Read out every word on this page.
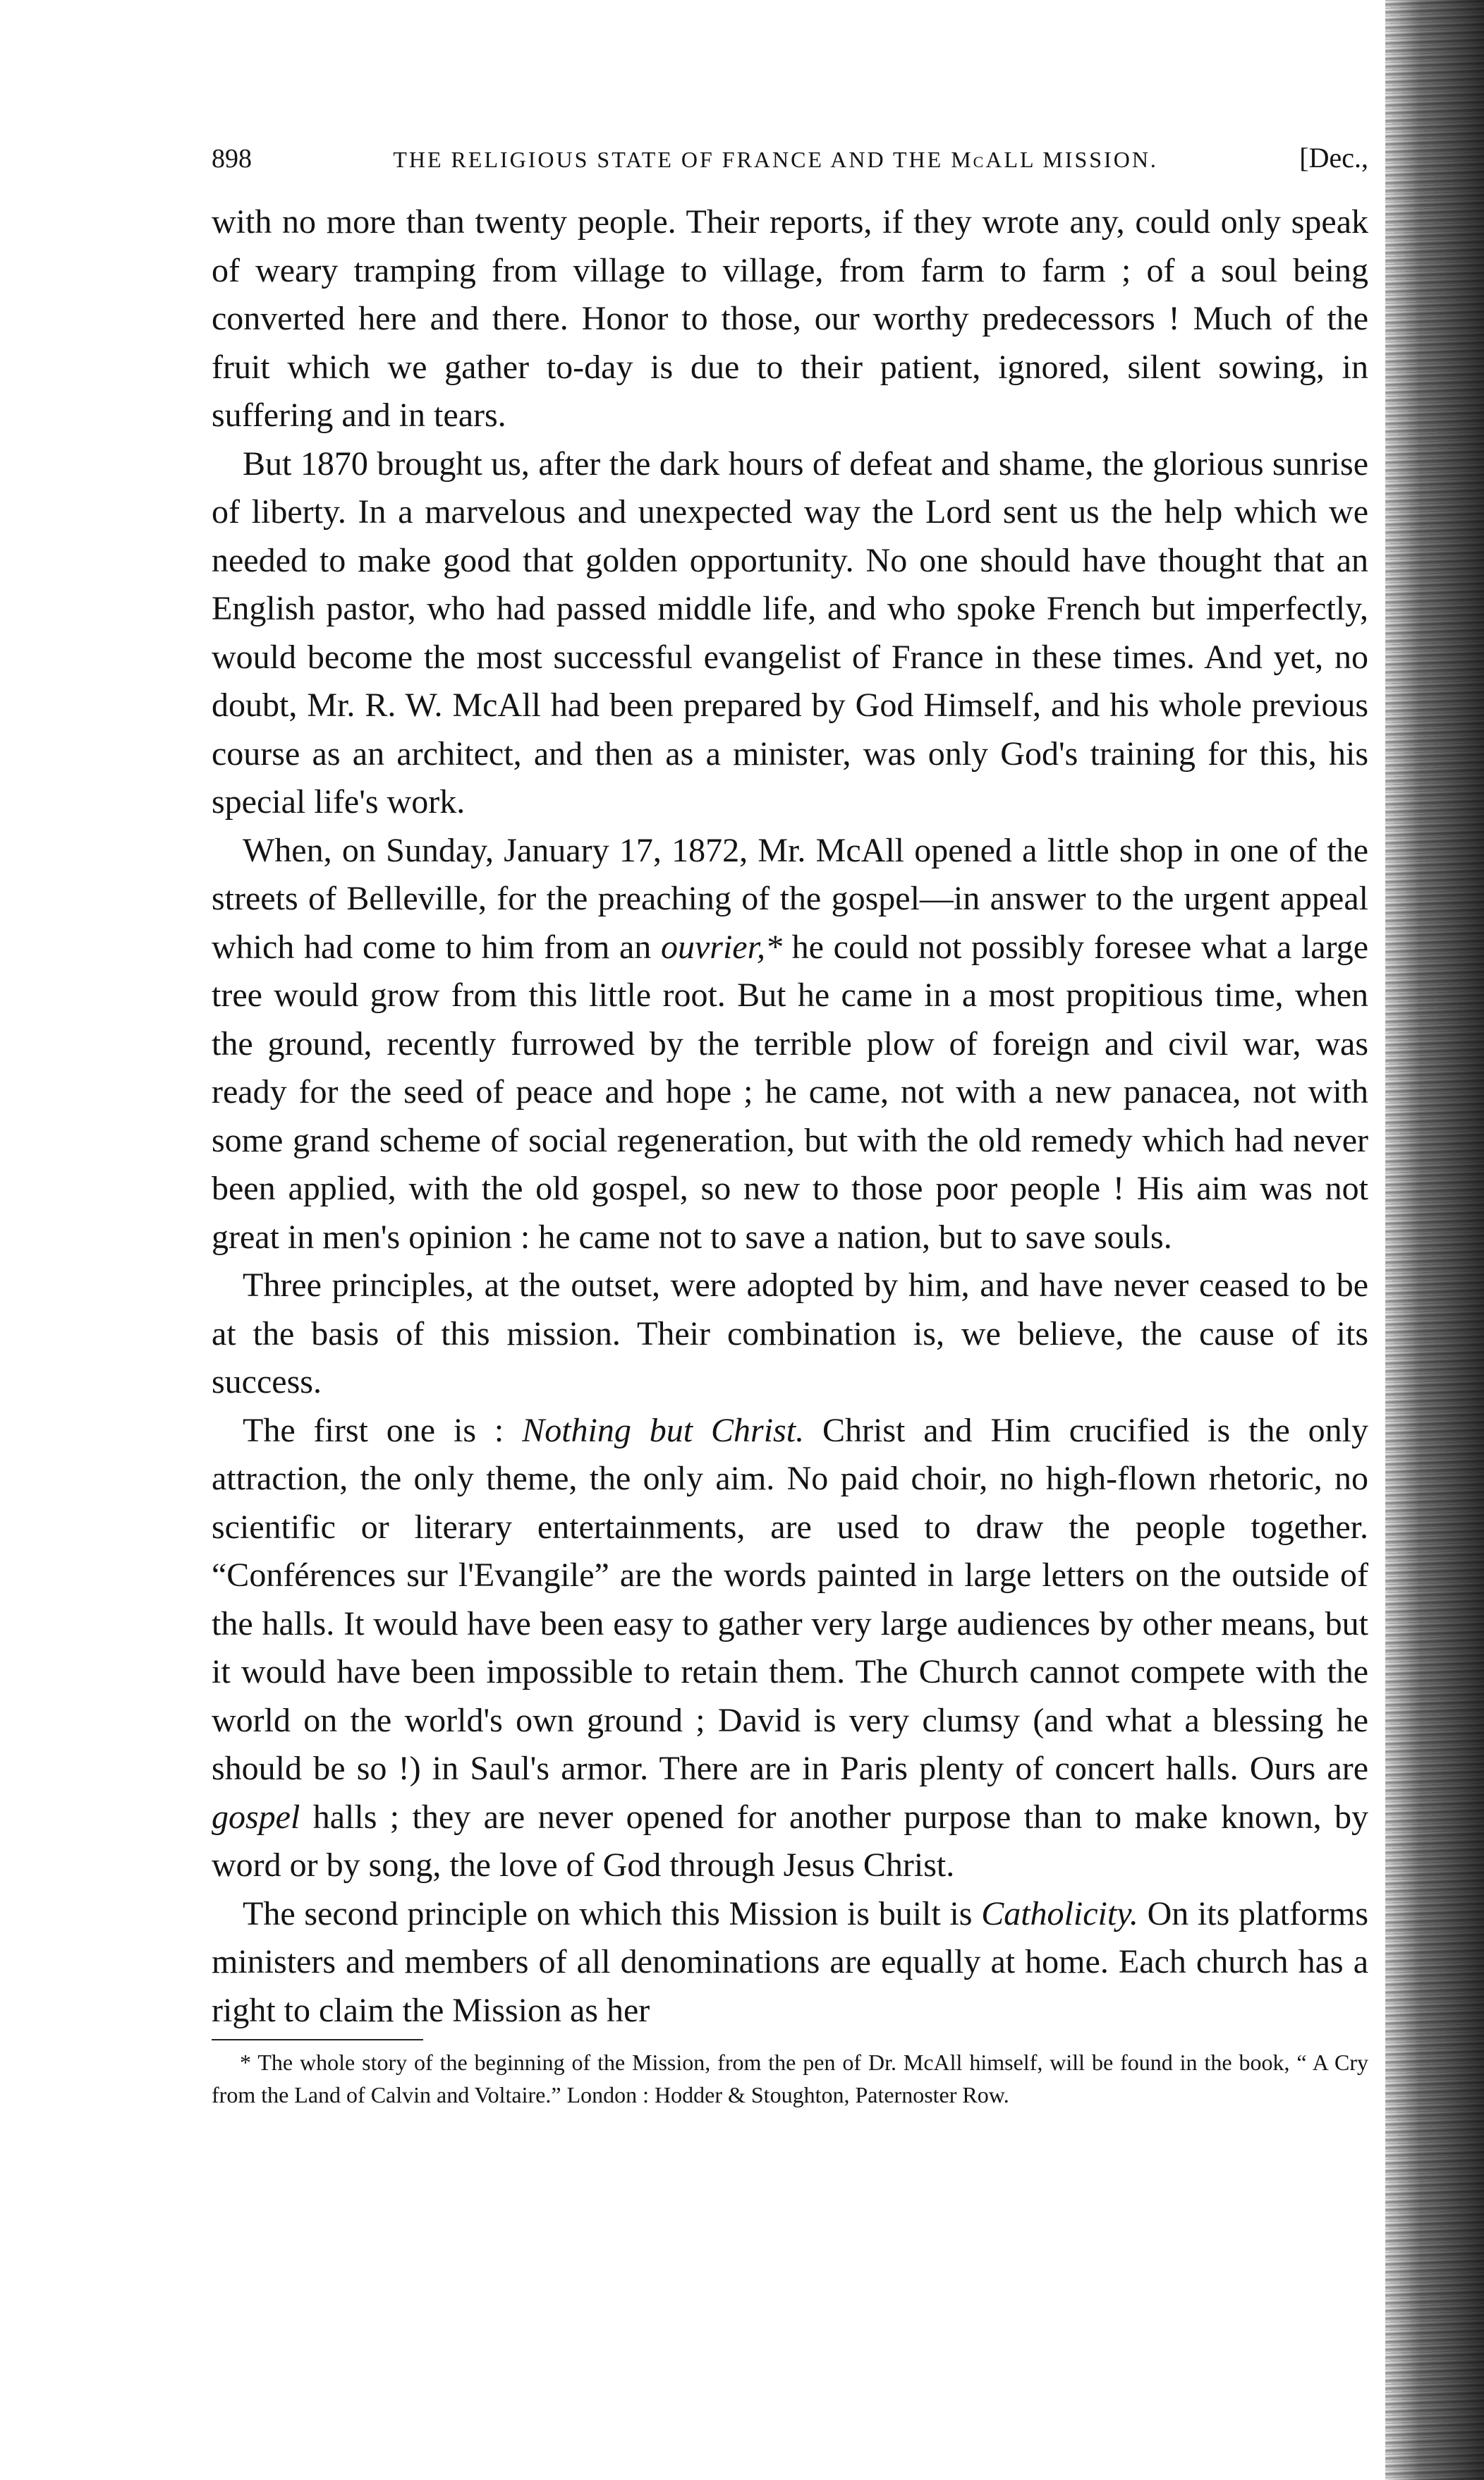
898	THE RELIGIOUS STATE OF FRANCE AND THE McALL MISSION.	[Dec.,

with no more than twenty people. Their reports, if they wrote any, could only speak of weary tramping from village to village, from farm to farm ; of a soul being converted here and there. Honor to those, our worthy predecessors ! Much of the fruit which we gather to-day is due to their patient, ignored, silent sowing, in suffering and in tears.

But 1870 brought us, after the dark hours of defeat and shame, the glorious sunrise of liberty. In a marvelous and unexpected way the Lord sent us the help which we needed to make good that golden opportunity. No one should have thought that an English pastor, who had passed middle life, and who spoke French but imperfectly, would become the most successful evangelist of France in these times. And yet, no doubt, Mr. R. W. McAll had been prepared by God Himself, and his whole previous course as an architect, and then as a minister, was only God's training for this, his special life's work.

When, on Sunday, January 17, 1872, Mr. McAll opened a little shop in one of the streets of Belleville, for the preaching of the gospel—in answer to the urgent appeal which had come to him from an ouvrier,* he could not possibly foresee what a large tree would grow from this little root. But he came in a most propitious time, when the ground, recently furrowed by the terrible plow of foreign and civil war, was ready for the seed of peace and hope ; he came, not with a new panacea, not with some grand scheme of social regeneration, but with the old remedy which had never been applied, with the old gospel, so new to those poor people ! His aim was not great in men's opinion : he came not to save a nation, but to save souls.

Three principles, at the outset, were adopted by him, and have never ceased to be at the basis of this mission. Their combination is, we believe, the cause of its success.

The first one is : Nothing but Christ. Christ and Him crucified is the only attraction, the only theme, the only aim. No paid choir, no high-flown rhetoric, no scientific or literary entertainments, are used to draw the people together. “Conférences sur l'Evangile” are the words painted in large letters on the outside of the halls. It would have been easy to gather very large audiences by other means, but it would have been impossible to retain them. The Church cannot compete with the world on the world's own ground ; David is very clumsy (and what a blessing he should be so !) in Saul's armor. There are in Paris plenty of concert halls. Ours are gospel halls ; they are never opened for another purpose than to make known, by word or by song, the love of God through Jesus Christ.

The second principle on which this Mission is built is Catholicity. On its platforms ministers and members of all denominations are equally at home. Each church has a right to claim the Mission as her

* The whole story of the beginning of the Mission, from the pen of Dr. McAll himself, will be found in the book, “ A Cry from the Land of Calvin and Voltaire.” London : Hodder & Stoughton, Paternoster Row.
